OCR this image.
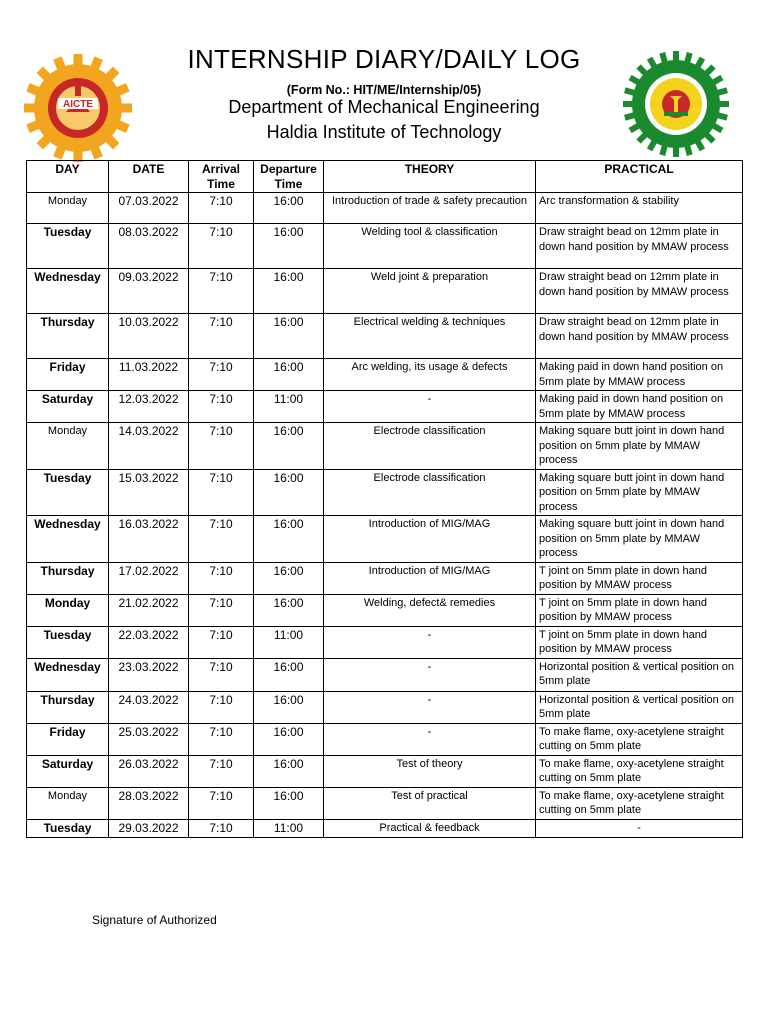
AICTE
INTERNSHIP DIARY/DAILY LOG
(Form No.: HIT/ME/Internship/05)
Department of Mechanical Engineering
Haldia Institute of Technology
DAY	DATE	Arrival Time	Departure Time	THEORY	PRACTICAL
Monday	07.03.2022	7:10	16:00	Introduction of trade & safety precaution	Arc transformation & stability
Tuesday	08.03.2022	7:10	16:00	Welding tool & classification	Draw straight bead on 12mm plate in down hand position by MMAW process
Wednesday	09.03.2022	7:10	16:00	Weld joint & preparation	Draw straight bead on 12mm plate in down hand position by MMAW process
Thursday	10.03.2022	7:10	16:00	Electrical welding & techniques	Draw straight bead on 12mm plate in down hand position by MMAW process
Friday	11.03.2022	7:10	16:00	Arc welding, its usage & defects	Making paid in down hand position on 5mm plate by MMAW process
Saturday	12.03.2022	7:10	11:00	-	Making paid in down hand position on 5mm plate by MMAW process
Monday	14.03.2022	7:10	16:00	Electrode classification	Making square butt joint in down hand position on 5mm plate by MMAW process
Tuesday	15.03.2022	7:10	16:00	Electrode classification	Making square butt joint in down hand position on 5mm plate by MMAW process
Wednesday	16.03.2022	7:10	16:00	Introduction of MIG/MAG	Making square butt joint in down hand position on 5mm plate by MMAW process
Thursday	17.02.2022	7:10	16:00	Introduction of MIG/MAG	T joint on 5mm plate in down hand position by MMAW process
Monday	21.02.2022	7:10	16:00	Welding, defect& remedies	T joint on 5mm plate in down hand position by MMAW process
Tuesday	22.03.2022	7:10	11:00	-	T joint on 5mm plate in down hand position by MMAW process
Wednesday	23.03.2022	7:10	16:00	-	Horizontal position & vertical position on 5mm plate
Thursday	24.03.2022	7:10	16:00	-	Horizontal position & vertical position on 5mm plate
Friday	25.03.2022	7:10	16:00	-	To make flame, oxy-acetylene straight cutting on 5mm plate
Saturday	26.03.2022	7:10	16:00	Test of theory	To make flame, oxy-acetylene straight cutting on 5mm plate
Monday	28.03.2022	7:10	16:00	Test of practical	To make flame, oxy-acetylene straight cutting on 5mm plate
Tuesday	29.03.2022	7:10	11:00	Practical & feedback	-
Signature of Authorized
